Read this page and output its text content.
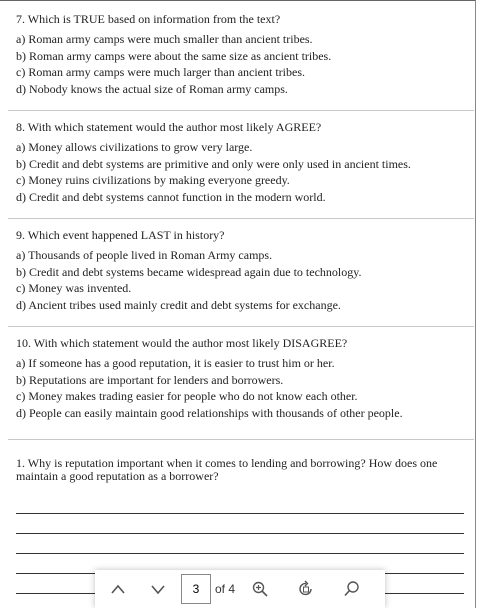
7. Which is TRUE based on information from the text?
a) Roman army camps were much smaller than ancient tribes.
b) Roman army camps were about the same size as ancient tribes.
c) Roman army camps were much larger than ancient tribes.
d) Nobody knows the actual size of Roman army camps.
8. With which statement would the author most likely AGREE?
a) Money allows civilizations to grow very large.
b) Credit and debt systems are primitive and only were only used in ancient times.
c) Money ruins civilizations by making everyone greedy.
d) Credit and debt systems cannot function in the modern world.
9. Which event happened LAST in history?
a) Thousands of people lived in Roman Army camps.
b) Credit and debt systems became widespread again due to technology.
c) Money was invented.
d) Ancient tribes used mainly credit and debt systems for exchange.
10. With which statement would the author most likely DISAGREE?
a) If someone has a good reputation, it is easier to trust him or her.
b) Reputations are important for lenders and borrowers.
c) Money makes trading easier for people who do not know each other.
d) People can easily maintain good relationships with thousands of other people.
1. Why is reputation important when it comes to lending and borrowing? How does one maintain a good reputation as a borrower?
3
of 4
